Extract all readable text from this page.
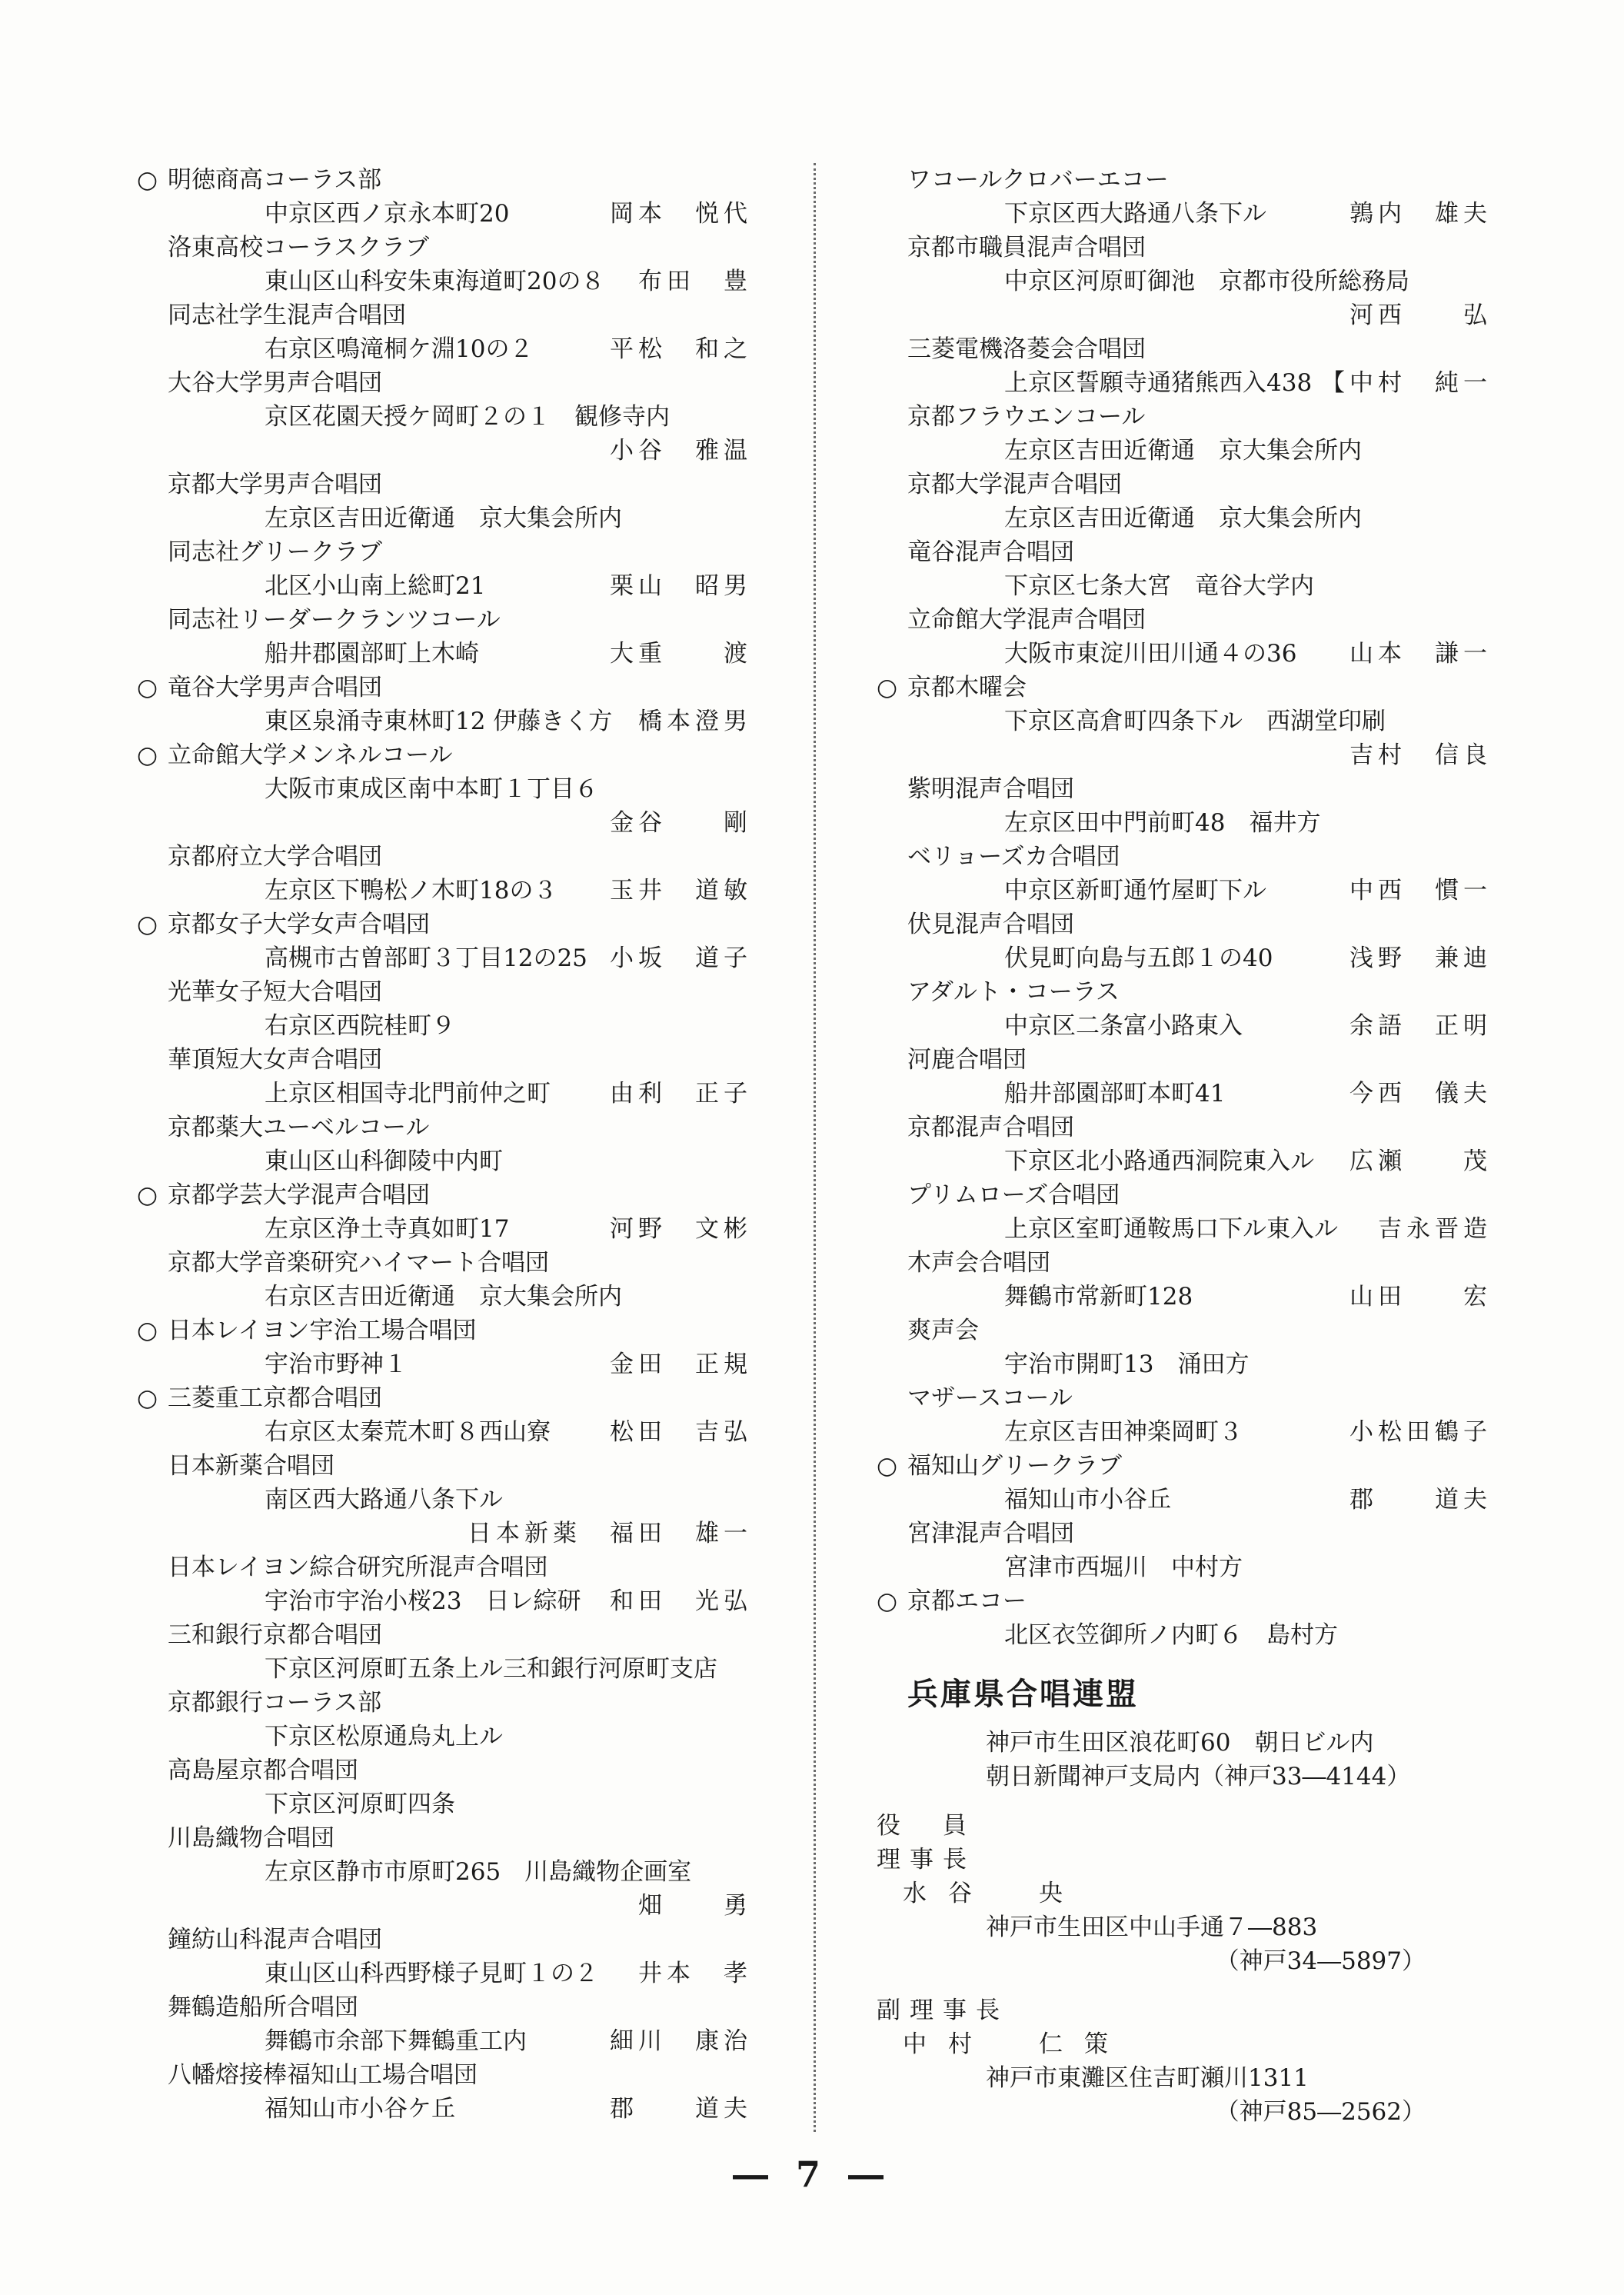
○ 明徳商高コーラス部
中京区西ノ京永本町20	岡本　悦代
洛東高校コーラスクラブ
東山区山科安朱東海道町20の８ 布田　豊
同志社学生混声合唱団
右京区鳴滝桐ケ淵10の２	平松　和之
大谷大学男声合唱団
京区花園天授ケ岡町２の１　観修寺内
小谷　雅温
京都大学男声合唱団
左京区吉田近衛通　京大集会所内
同志社グリークラブ
北区小山南上総町21	栗山　昭男
同志社リーダークランツコール
船井郡園部町上木崎	大重　　渡
○ 竜谷大学男声合唱団
東区泉涌寺東林町12 伊藤きく方 橋本澄男
○ 立命館大学メンネルコール
大阪市東成区南中本町１丁目６
金谷　　剛
京都府立大学合唱団
左京区下鴨松ノ木町18の３ 玉井　道敏
○ 京都女子大学女声合唱団
高槻市古曽部町３丁目12の25 小坂　道子
光華女子短大合唱団
右京区西院桂町９
華頂短大女声合唱団
上京区相国寺北門前仲之町 由利　正子
京都薬大ユーベルコール
東山区山科御陵中内町
○ 京都学芸大学混声合唱団
左京区浄土寺真如町17	河野　文彬
京都大学音楽研究ハイマート合唱団
右京区吉田近衛通　京大集会所内
○ 日本レイヨン宇治工場合唱団
宇治市野神１	金田　正規
○ 三菱重工京都合唱団
右京区太秦荒木町８西山寮 松田　吉弘
日本新薬合唱団
南区西大路通八条下ル
日本新薬　福田　雄一
日本レイヨン綜合研究所混声合唱団
宇治市宇治小桜23　日レ綜研 和田　光弘
三和銀行京都合唱団
下京区河原町五条上ル三和銀行河原町支店
京都銀行コーラス部
下京区松原通烏丸上ル
高島屋京都合唱団
下京区河原町四条
川島織物合唱団
左京区静市市原町265　川島織物企画室
畑　　勇
鐘紡山科混声合唱団
東山区山科西野様子見町１の２ 井本　孝
舞鶴造船所合唱団
舞鶴市余部下舞鶴重工内	細川　康治
八幡熔接棒福知山工場合唱団
福知山市小谷ケ丘	郡　　道夫
ワコールクロバーエコー
下京区西大路通八条下ル	鶉内　雄夫
京都市職員混声合唱団
中京区河原町御池　京都市役所総務局
河西　　弘
三菱電機洛菱会合唱団
上京区誓願寺通猪熊西入438 【中村　純一
京都フラウエンコール
左京区吉田近衛通　京大集会所内
京都大学混声合唱団
左京区吉田近衛通　京大集会所内
竜谷混声合唱団
下京区七条大宮　竜谷大学内
立命館大学混声合唱団
大阪市東淀川田川通４の36 山本　謙一
○ 京都木曜会
下京区高倉町四条下ル　西湖堂印刷
吉村　信良
紫明混声合唱団
左京区田中門前町48　福井方
ベリョーズカ合唱団
中京区新町通竹屋町下ル	中西　慣一
伏見混声合唱団
伏見町向島与五郎１の40	浅野　兼迪
アダルト・コーラス
中京区二条富小路東入	余語　正明
河鹿合唱団
船井部園部町本町41	今西　儀夫
京都混声合唱団
下京区北小路通西洞院東入ル 広瀬　　茂
プリムローズ合唱団
上京区室町通鞍馬口下ル東入ル 吉永晋造
木声会合唱団
舞鶴市常新町128	山田　　宏
爽声会
宇治市開町13　涌田方
マザースコール
左京区吉田神楽岡町３	小松田鶴子
○ 福知山グリークラブ
福知山市小谷丘	郡　　道夫
宮津混声合唱団
宮津市西堀川　中村方
○ 京都エコー
北区衣笠御所ノ内町６　島村方
兵庫県合唱連盟
神戸市生田区浪花町60　朝日ビル内
朝日新聞神戸支局内（神戸33―4144）
役　員
理事長
水谷　央
神戸市生田区中山手通７―883
（神戸34―5897）
副理事長
中村　仁策
神戸市東灘区住吉町瀬川1311
（神戸85―2562）
― 7 ―
